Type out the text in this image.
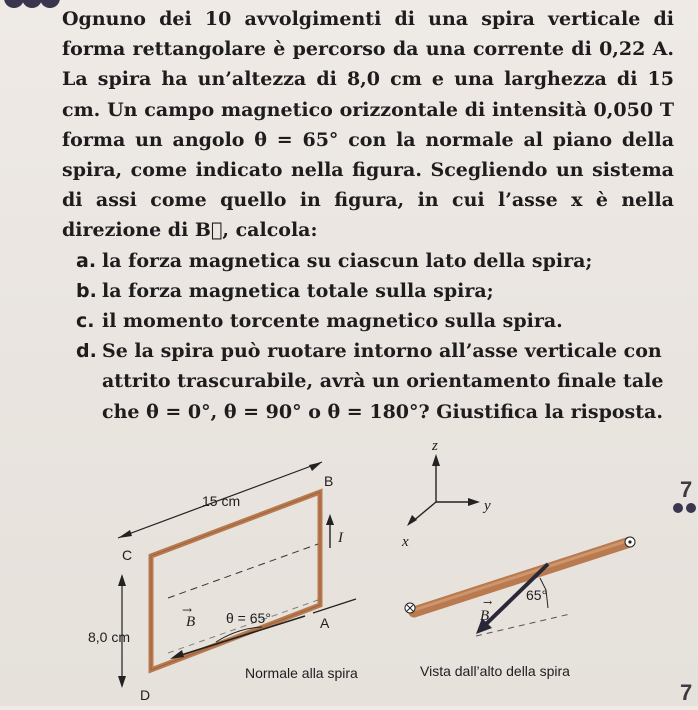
Ognuno dei 10 avvolgimenti di una spira verticale di forma rettangolare è percorso da una corrente di 0,22 A. La spira ha un’altezza di 8,0 cm e una larghezza di 15 cm. Un campo magnetico orizzontale di intensità 0,050 T forma un angolo θ = 65° con la normale al piano della spira, come indicato nella figura. Scegliendo un sistema di assi come quello in figura, in cui l’asse x è nella direzione di B⃗, calcola:

a. la forza magnetica su ciascun lato della spira;
b. la forza magnetica totale sulla spira;
c. il momento torcente magnetico sulla spira.
d. Se la spira può ruotare intorno all’asse verticale con attrito trascurabile, avrà un orientamento finale tale che θ = 0°, θ = 90° o θ = 180°? Giustifica la risposta.
15 cm
8,0 cm
B
C
A
D
I
B
→ θ = 65°
Normale alla spira
z
y
x
B
→ 65°
Vista dall’alto della spira
7
7
